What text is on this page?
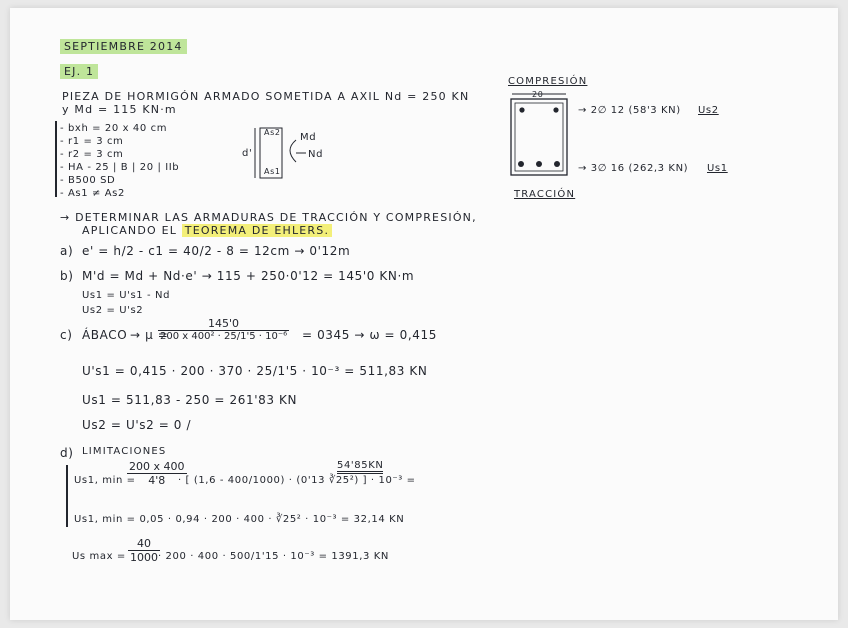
SEPTIEMBRE 2014
EJ. 1
PIEZA DE HORMIGÓN ARMADO SOMETIDA A AXIL Nd = 250 KN
y Md = 115 KN·m
- bxh = 20 x 40 cm
- r1 = 3 cm
- r2 = 3 cm
- HA - 25 | B | 20 | IIb
- B500 SD
- As1 ≠ As2
As2
As1
d'
Md
Nd
→ DETERMINAR LAS ARMADURAS DE TRACCIÓN Y COMPRESIÓN,
APLICANDO EL TEOREMA DE EHLERS.
a) e' = h/2 - c1 = 40/2 - 8 = 12cm → 0'12m
b) M'd = Md + Nd·e' → 115 + 250·0'12 = 145'0 KN·m
Us1 = U's1 - Nd
Us2 = U's2
c) ÁBACO → μ =
$\frac{145'0}{\text{200 x 400² · 25/1'5 · 10⁻⁶}} = 0345 \to \omega = 0,415$
U's1 = 0,415 · 200 · 370 · 25/1'5 · 10⁻³ = 511,83 KN
Us1 = 511,83 - 250 = 261'83 KN
Us2 = U's2 = 0 /
d) LIMITACIONES
Us1, min =
$\frac{200 x 400}{4'8}$
· [ (1,6 - 400/1000) · (0'13 ∛25²) ] · 10⁻³ =
54'85KN
Us1, min = 0,05 · 0,94 · 200 · 400 · ∛25² · 10⁻³ = 32,14 KN
Us $\max = \frac{40}{1000}$
· 200 · 400 · 500/1'15 · 10⁻³ = 1391,3 KN
COMPRESIÓN
20
→ 2∅ 12 (58'3 KN) Us2
→ 3∅ 16 (262,3 KN) Us1
TRACCIÓN
